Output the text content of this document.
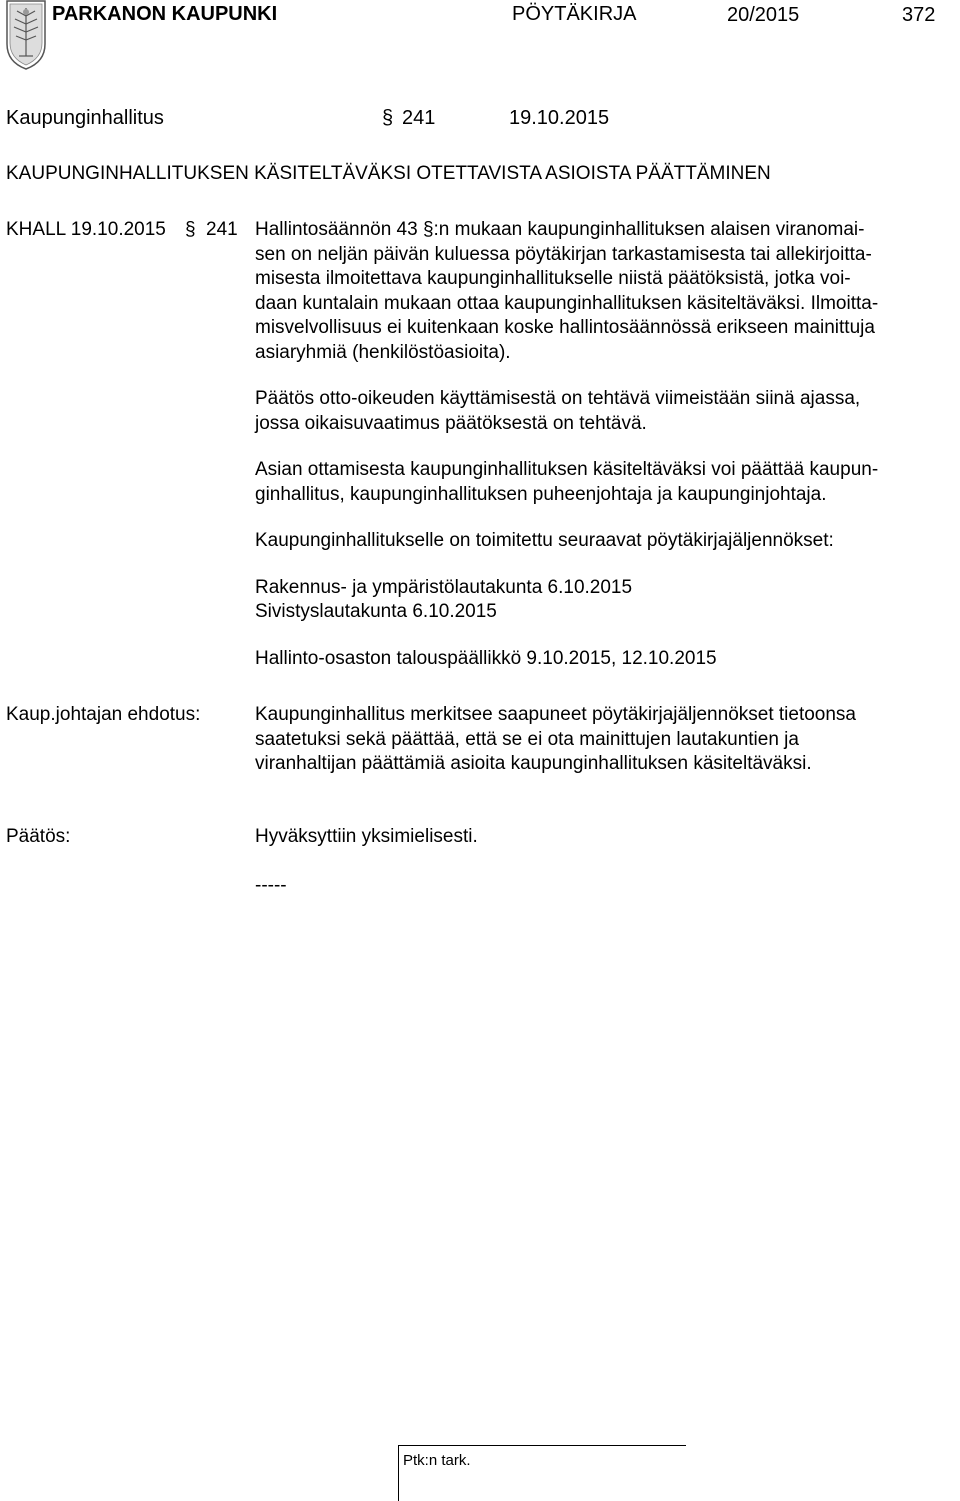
PARKANON KAUPUNKI	PÖYTÄKIRJA	20/2015	372
Kaupunginhallitus	§ 241	19.10.2015
KAUPUNGINHALLITUKSEN KÄSITELTÄVÄKSI OTETTAVISTA ASIOISTA PÄÄTTÄMINEN
KHALL 19.10.2015 § 241 Hallintosäännön 43 §:n mukaan kaupunginhallituksen alaisen viranomai-
sen on neljän päivän kuluessa pöytäkirjan tarkastamisesta tai allekirjoitta-
misesta ilmoitettava kaupunginhallitukselle niistä päätöksistä, jotka voi-
daan kuntalain mukaan ottaa kaupunginhallituksen käsiteltäväksi. Ilmoitta-
misvelvollisuus ei kuitenkaan koske hallintosäännössä erikseen mainittuja
asiaryhmiä (henkilöstöasioita).

Päätös otto-oikeuden käyttämisestä on tehtävä viimeistään siinä ajassa,
jossa oikaisuvaatimus päätöksestä on tehtävä.

Asian ottamisesta kaupunginhallituksen käsiteltäväksi voi päättää kaupun-
ginhallitus, kaupunginhallituksen puheenjohtaja ja kaupunginjohtaja.

Kaupunginhallitukselle on toimitettu seuraavat pöytäkirjajäljennökset:

Rakennus- ja ympäristölautakunta 6.10.2015
Sivistyslautakunta 6.10.2015

Hallinto-osaston talouspäällikkö 9.10.2015, 12.10.2015

Kaup.johtajan ehdotus:	Kaupunginhallitus merkitsee saapuneet pöytäkirjajäljennökset tietoonsa
saatetuksi sekä päättää, että se ei ota mainittujen lautakuntien ja
viranhaltijan päättämiä asioita kaupunginhallituksen käsiteltäväksi.
Päätös:	Hyväksyttiin yksimielisesti.
-----
Ptk:n tark.
